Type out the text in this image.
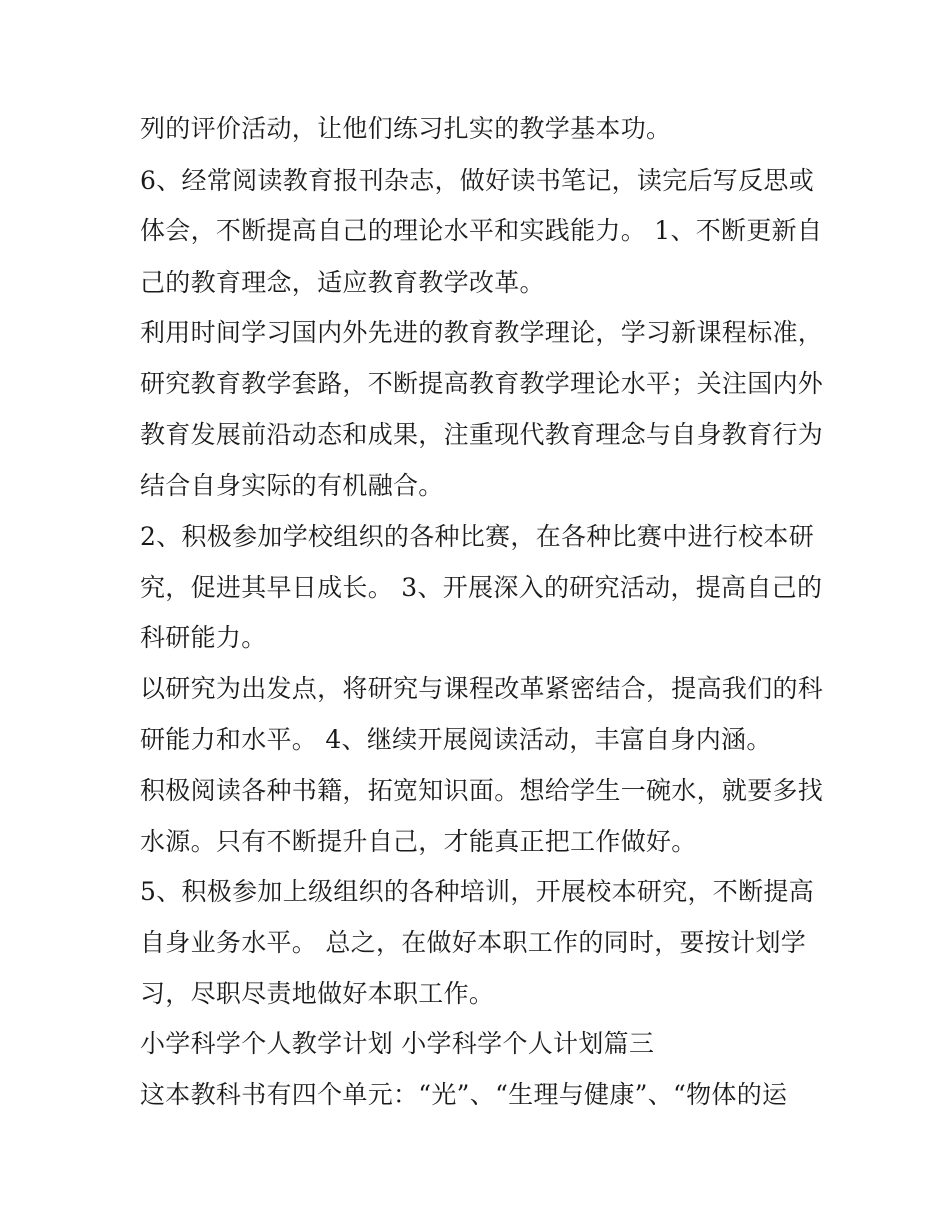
列的评价活动，让他们练习扎实的教学基本功。
6、经常阅读教育报刊杂志，做好读书笔记，读完后写反思或
体会，不断提高自己的理论水平和实践能力。 1、不断更新自
己的教育理念，适应教育教学改革。
利用时间学习国内外先进的教育教学理论，学习新课程标准，
研究教育教学套路，不断提高教育教学理论水平；关注国内外
教育发展前沿动态和成果，注重现代教育理念与自身教育行为
结合自身实际的有机融合。
2、积极参加学校组织的各种比赛，在各种比赛中进行校本研
究，促进其早日成长。 3、开展深入的研究活动，提高自己的
科研能力。
以研究为出发点，将研究与课程改革紧密结合，提高我们的科
研能力和水平。 4、继续开展阅读活动，丰富自身内涵。
积极阅读各种书籍，拓宽知识面。想给学生一碗水，就要多找
水源。只有不断提升自己，才能真正把工作做好。
5、积极参加上级组织的各种培训，开展校本研究，不断提高
自身业务水平。 总之，在做好本职工作的同时，要按计划学
习，尽职尽责地做好本职工作。
小学科学个人教学计划 小学科学个人计划篇三
这本教科书有四个单元：“光”、“生理与健康”、“物体的运
